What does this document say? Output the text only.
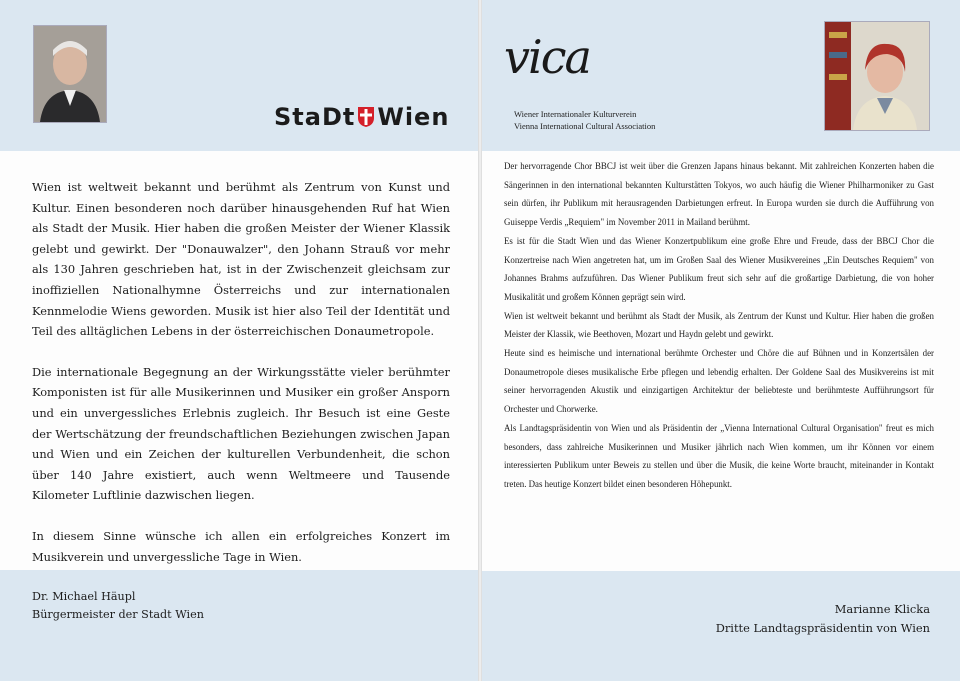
StaDt Wien

Wien ist weltweit bekannt und berühmt als Zentrum von Kunst und Kultur. Einen besonderen noch darüber hinausgehenden Ruf hat Wien als Stadt der Musik. Hier haben die großen Meister der Wiener Klassik gelebt und gewirkt. Der "Donauwalzer", den Johann Strauß vor mehr als 130 Jahren geschrieben hat, ist in der Zwischenzeit gleichsam zur inoffiziellen Nationalhymne Österreichs und zur internationalen Kennmelodie Wiens geworden. Musik ist hier also Teil der Identität und Teil des alltäglichen Lebens in der österreichischen Donaumetropole.

Die internationale Begegnung an der Wirkungsstätte vieler berühmter Komponisten ist für alle Musikerinnen und Musiker ein großer Ansporn und ein unvergessliches Erlebnis zugleich. Ihr Besuch ist eine Geste der Wertschätzung der freundschaftlichen Beziehungen zwischen Japan und Wien und ein Zeichen der kulturellen Verbundenheit, die schon über 140 Jahre existiert, auch wenn Weltmeere und Tausende Kilometer Luftlinie dazwischen liegen.

In diesem Sinne wünsche ich allen ein erfolgreiches Konzert im Musikverein und unvergessliche Tage in Wien.

Dr. Michael Häupl
Bürgermeister der Stadt Wien
vica
Wiener Internationaler Kulturverein
Vienna International Cultural Association

Der hervorragende Chor BBCJ ist weit über die Grenzen Japans hinaus bekannt. Mit zahlreichen Konzerten haben die Sängerinnen in den international bekannten Kulturstätten Tokyos, wo auch häufig die Wiener Philharmoniker zu Gast sein dürfen, ihr Publikum mit herausragenden Darbietungen erfreut. In Europa wurden sie durch die Aufführung von Guiseppe Verdis „Requiem" im November 2011 in Mailand berühmt.

Es ist für die Stadt Wien und das Wiener Konzertpublikum eine große Ehre und Freude, dass der BBCJ Chor die Konzertreise nach Wien angetreten hat, um im Großen Saal des Wiener Musikvereines „Ein Deutsches Requiem" von Johannes Brahms aufzuführen. Das Wiener Publikum freut sich sehr auf die großartige Darbietung, die von hoher Musikalität und großem Können geprägt sein wird.

Wien ist weltweit bekannt und berühmt als Stadt der Musik, als Zentrum der Kunst und Kultur. Hier haben die großen Meister der Klassik, wie Beethoven, Mozart und Haydn gelebt und gewirkt.

Heute sind es heimische und international berühmte Orchester und Chöre die auf Bühnen und in Konzertsälen der Donaumetropole dieses musikalische Erbe pflegen und lebendig erhalten. Der Goldene Saal des Musikvereins ist mit seiner hervorragenden Akustik und einzigartigen Architektur der beliebteste und berühmteste Aufführungsort für Orchester und Chorwerke.

Als Landtagspräsidentin von Wien und als Präsidentin der „Vienna International Cultural Organisation" freut es mich besonders, dass zahlreiche Musikerinnen und Musiker jährlich nach Wien kommen, um ihr Können vor einem interessierten Publikum unter Beweis zu stellen und über die Musik, die keine Worte braucht, miteinander in Kontakt treten. Das heutige Konzert bildet einen besonderen Höhepunkt.

Marianne Klicka
Dritte Landtagspräsidentin von Wien
